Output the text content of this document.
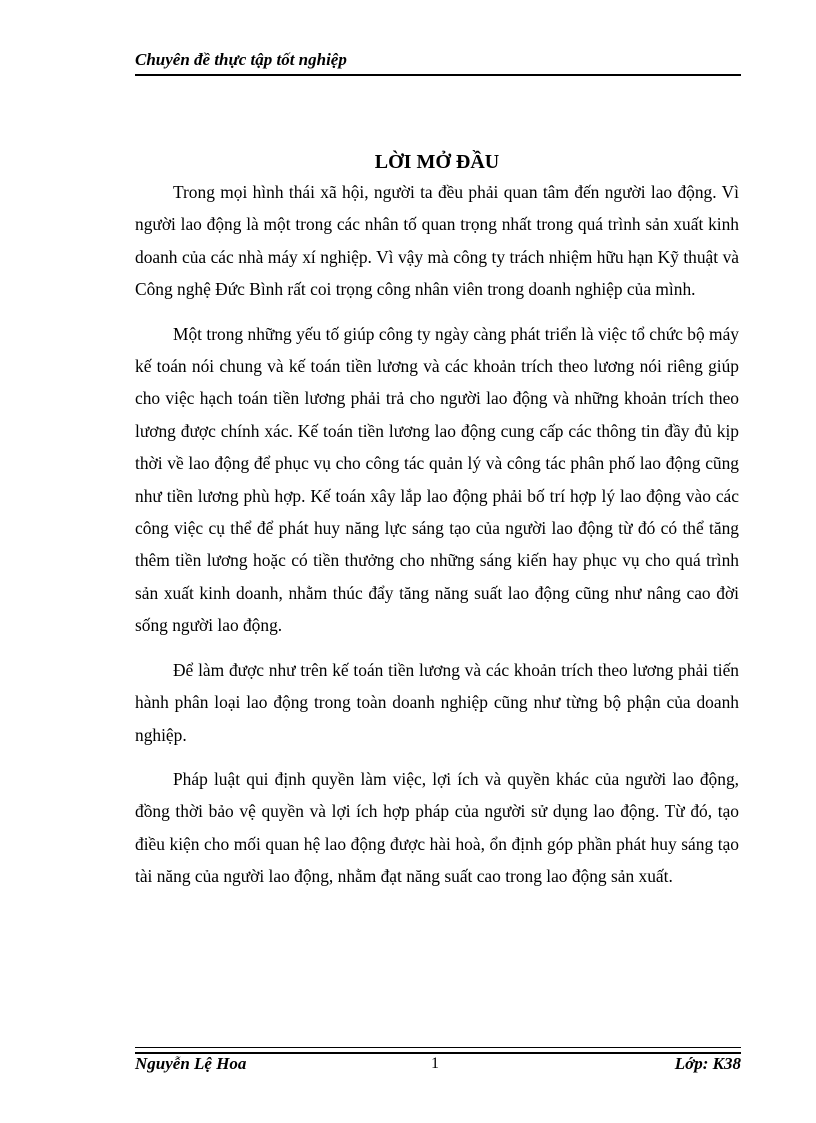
Chuyên đề thực tập tốt nghiệp
LỜI MỞ ĐẦU

Trong mọi hình thái xã hội, người ta đều phải quan tâm đến người lao động. Vì người lao động là một trong các nhân tố quan trọng nhất trong quá trình sản xuất kinh doanh của các nhà máy xí nghiệp. Vì vậy mà công ty trách nhiệm hữu hạn Kỹ thuật và Công nghệ Đức Bình rất coi trọng công nhân viên trong doanh nghiệp của mình.

Một trong những yếu tố giúp công ty ngày càng phát triển là việc tổ chức bộ máy kế toán nói chung và kế toán tiền lương và các khoản trích theo lương nói riêng giúp cho việc hạch toán tiền lương phải trả cho người lao động và những khoản trích theo lương được chính xác. Kế toán tiền lương lao động cung cấp các thông tin đầy đủ kịp thời về lao động để phục vụ cho công tác quản lý và công tác phân phố lao động cũng như tiền lương phù hợp. Kế toán xây lắp lao động phải bố trí hợp lý lao động vào các công việc cụ thể để phát huy năng lực sáng tạo của người lao động từ đó có thể tăng thêm tiền lương hoặc có tiền thưởng cho những sáng kiến hay phục vụ cho quá trình sản xuất kinh doanh, nhằm thúc đẩy tăng năng suất lao động cũng như nâng cao đời sống người lao động.

Để làm được như trên kế toán tiền lương và các khoản trích theo lương phải tiến hành phân loại lao động trong toàn doanh nghiệp cũng như từng bộ phận của doanh nghiệp.

Pháp luật qui định quyền làm việc, lợi ích và quyền khác của người lao động, đồng thời bảo vệ quyền và lợi ích hợp pháp của người sử dụng lao động. Từ đó, tạo điều kiện cho mối quan hệ lao động được hài hoà, ổn định góp phần phát huy sáng tạo tài năng của người lao động, nhằm đạt năng suất cao trong lao động sản xuất.

Nguyễn Lệ Hoa	1	Lớp: K38
